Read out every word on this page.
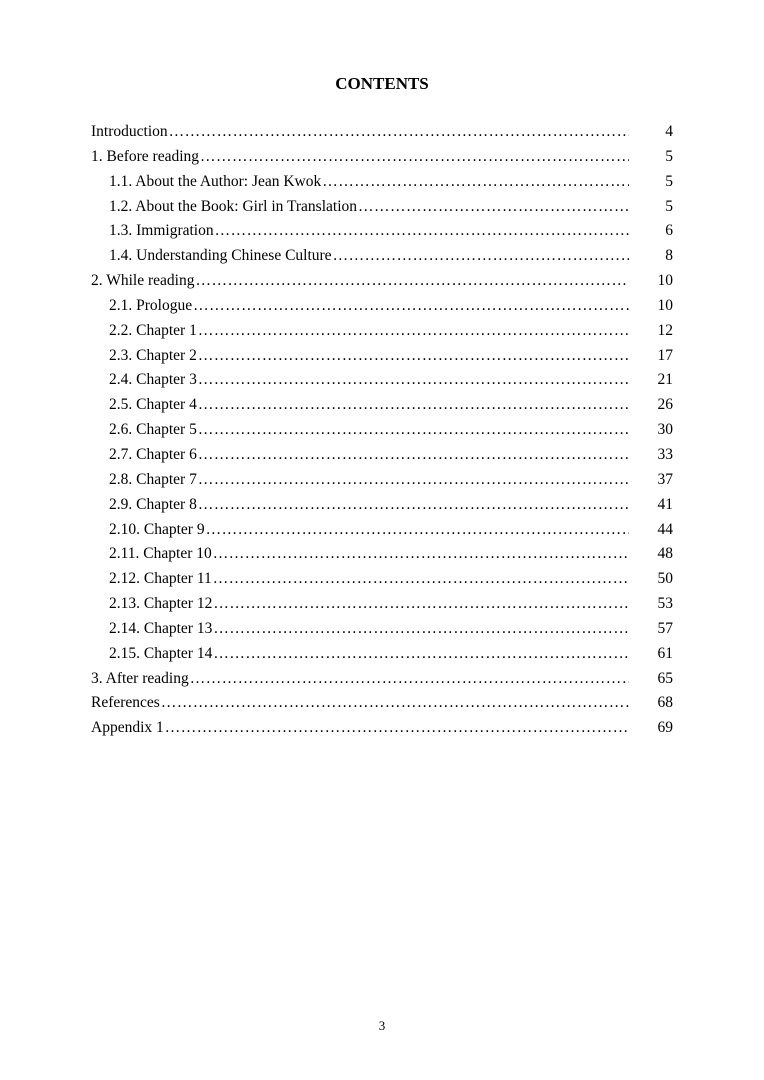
CONTENTS
Introduction ………………………………………………………………………………………………………………………………………………………………	4
1. Before reading ………………………………………………………………………………………………………………………………………………………………	5
1.1. About the Author: Jean Kwok ………………………………………………………………………………………………………………………………………………………………	5
1.2. About the Book: Girl in Translation ………………………………………………………………………………………………………………………………………………………………	5
1.3. Immigration ………………………………………………………………………………………………………………………………………………………………	6
1.4. Understanding Chinese Culture ………………………………………………………………………………………………………………………………………………………………	8
2. While reading ………………………………………………………………………………………………………………………………………………………………	10
2.1. Prologue ………………………………………………………………………………………………………………………………………………………………	10
2.2. Chapter 1 ………………………………………………………………………………………………………………………………………………………………	12
2.3. Chapter 2 ………………………………………………………………………………………………………………………………………………………………	17
2.4. Chapter 3 ………………………………………………………………………………………………………………………………………………………………	21
2.5. Chapter 4 ………………………………………………………………………………………………………………………………………………………………	26
2.6. Chapter 5 ………………………………………………………………………………………………………………………………………………………………	30
2.7. Chapter 6 ………………………………………………………………………………………………………………………………………………………………	33
2.8. Chapter 7 ………………………………………………………………………………………………………………………………………………………………	37
2.9. Chapter 8 ………………………………………………………………………………………………………………………………………………………………	41
2.10. Chapter 9 ………………………………………………………………………………………………………………………………………………………………	44
2.11. Chapter 10 ………………………………………………………………………………………………………………………………………………………………	48
2.12. Chapter 11 ………………………………………………………………………………………………………………………………………………………………	50
2.13. Chapter 12 ………………………………………………………………………………………………………………………………………………………………	53
2.14. Chapter 13 ………………………………………………………………………………………………………………………………………………………………	57
2.15. Chapter 14 ………………………………………………………………………………………………………………………………………………………………	61
3. After reading ………………………………………………………………………………………………………………………………………………………………	65
References ………………………………………………………………………………………………………………………………………………………………	68
Appendix 1 ………………………………………………………………………………………………………………………………………………………………	69
3
